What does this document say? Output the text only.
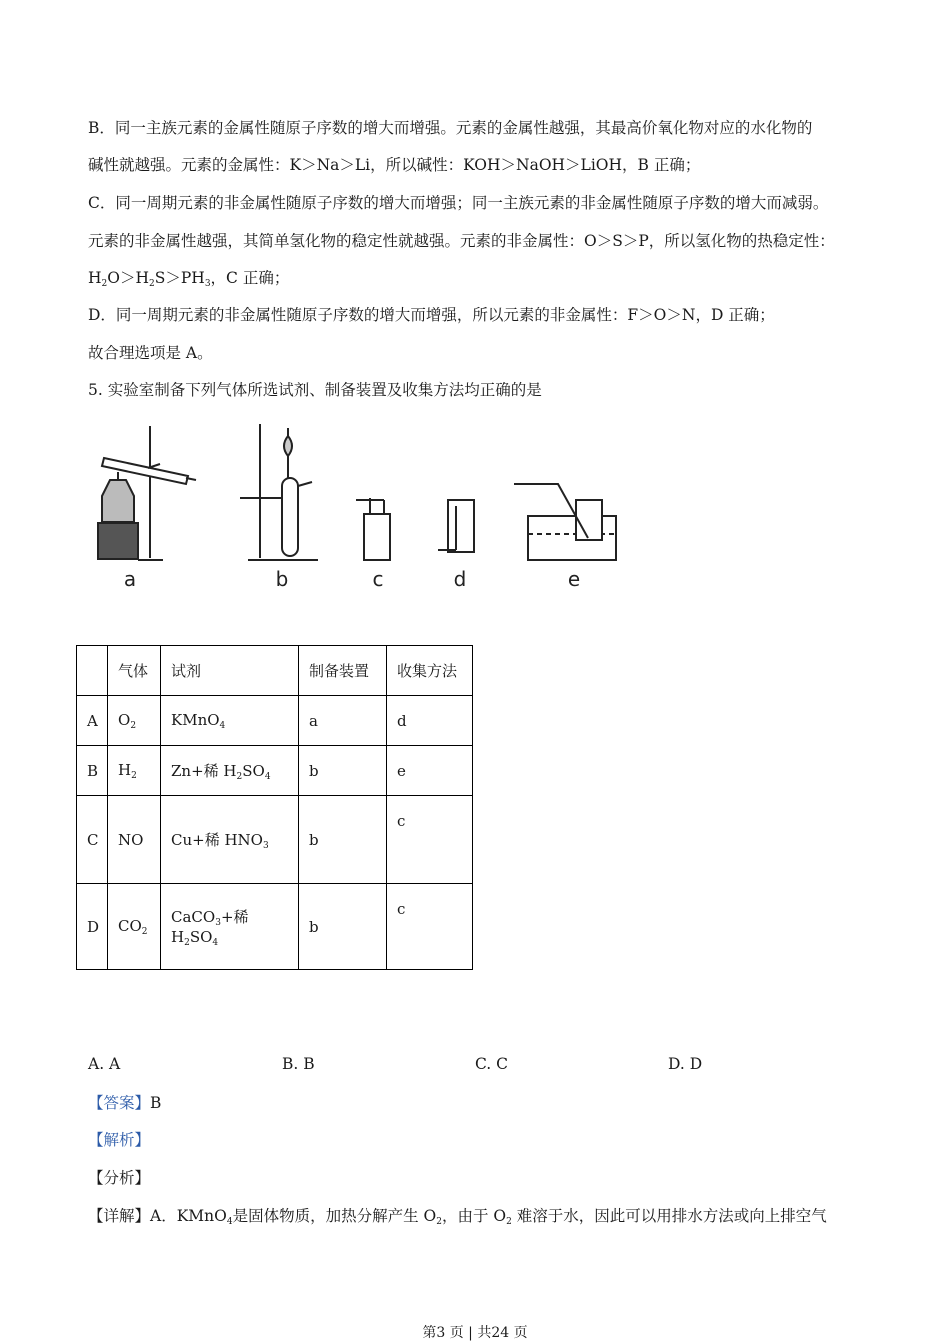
B．同一主族元素的金属性随原子序数的增大而增强。元素的金属性越强，其最高价氧化物对应的水化物的
碱性就越强。元素的金属性：K＞Na＞Li，所以碱性：KOH＞NaOH＞LiOH，B 正确；
C．同一周期元素的非金属性随原子序数的增大而增强；同一主族元素的非金属性随原子序数的增大而减弱。
元素的非金属性越强，其简单氢化物的稳定性就越强。元素的非金属性：O＞S＞P，所以氢化物的热稳定性：
$H_2O>H_2S>PH_3$，C 正确；
D．同一周期元素的非金属性随原子序数的增大而增强，所以元素的非金属性：F＞O＞N，D 正确；
故合理选项是 A。
5. 实验室制备下列气体所选试剂、制备装置及收集方法均正确的是
a	b	c	d	e
	气体	试剂	制备装置	收集方法
A	$O_2$	KMnO$_4$	a	d
B	$H_2$	Zn+稀 $H_2SO_4$	b	e
C	NO	Cu+稀 $HNO_3$	b	c
D	$CO_2$	CaCO$_3$+稀 $H_2SO_4$	b	c
A. A	B. B	C. C	D. D
【答案】B
【解析】
【分析】
【详解】A．KMnO$_4$是固体物质，加热分解产生 $O_2$，由于 $O_2$ 难溶于水，因此可以用排水方法或向上排空气
第3 页 | 共24 页
